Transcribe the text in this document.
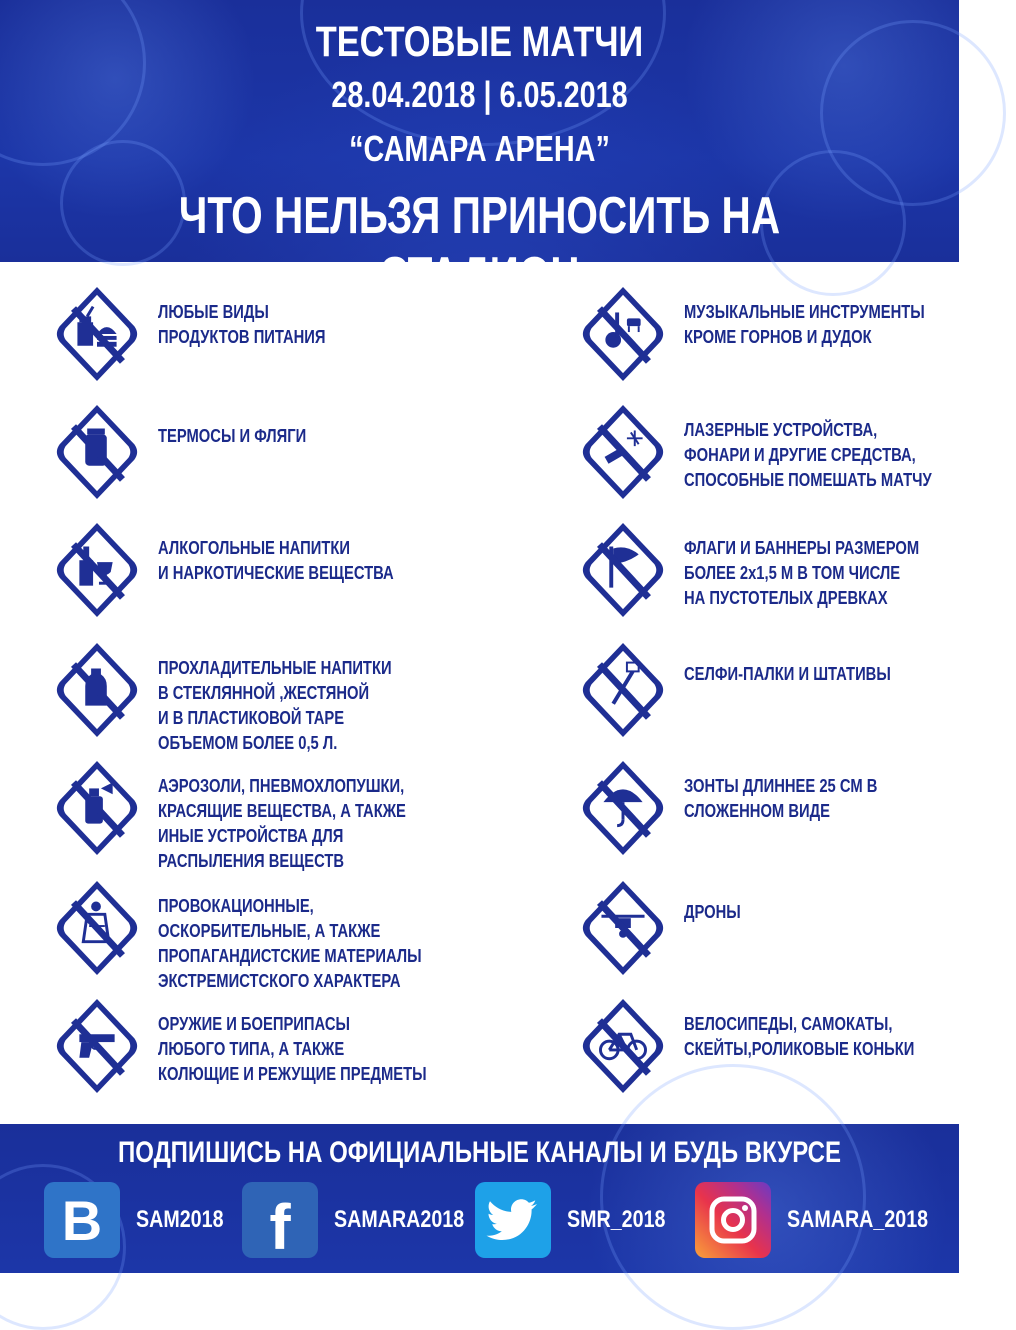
ТЕСТОВЫЕ МАТЧИ
28.04.2018 | 6.05.2018
“САМАРА АРЕНА”
ЧТО НЕЛЬЗЯ ПРИНОСИТЬ НА СТАДИОН
ЛЮБЫЕ ВИДЫ
ПРОДУКТОВ ПИТАНИЯ
ТЕРМОСЫ И ФЛЯГИ
АЛКОГОЛЬНЫЕ НАПИТКИ
И НАРКОТИЧЕСКИЕ ВЕЩЕСТВА
ПРОХЛАДИТЕЛЬНЫЕ НАПИТКИ
В СТЕКЛЯННОЙ ,ЖЕСТЯНОЙ
И В ПЛАСТИКОВОЙ ТАРЕ
ОБЪЕМОМ БОЛЕЕ 0,5 Л.
АЭРОЗОЛИ, ПНЕВМОХЛОПУШКИ,
КРАСЯЩИЕ ВЕЩЕСТВА, А ТАКЖЕ
ИНЫЕ УСТРОЙСТВА ДЛЯ
РАСПЫЛЕНИЯ ВЕЩЕСТВ
ПРОВОКАЦИОННЫЕ,
ОСКОРБИТЕЛЬНЫЕ, А ТАКЖЕ
ПРОПАГАНДИСТСКИЕ МАТЕРИАЛЫ
ЭКСТРЕМИСТСКОГО ХАРАКТЕРА
ОРУЖИЕ И БОЕПРИПАСЫ
ЛЮБОГО ТИПА, А ТАКЖЕ
КОЛЮЩИЕ И РЕЖУЩИЕ ПРЕДМЕТЫ
МУЗЫКАЛЬНЫЕ ИНСТРУМЕНТЫ
КРОМЕ ГОРНОВ И ДУДОК
ЛАЗЕРНЫЕ УСТРОЙСТВА,
ФОНАРИ И ДРУГИЕ СРЕДСТВА,
СПОСОБНЫЕ ПОМЕШАТЬ МАТЧУ
ФЛАГИ И БАННЕРЫ РАЗМЕРОМ
БОЛЕЕ 2х1,5 М В ТОМ ЧИСЛЕ
НА ПУСТОТЕЛЫХ ДРЕВКАХ
СЕЛФИ-ПАЛКИ И ШТАТИВЫ
ЗОНТЫ ДЛИННЕЕ 25 СМ В
СЛОЖЕННОМ ВИДЕ
ДРОНЫ
ВЕЛОСИПЕДЫ, САМОКАТЫ,
СКЕЙТЫ,РОЛИКОВЫЕ КОНЬКИ
ПОДПИШИСЬ НА ОФИЦИАЛЬНЫЕ КАНАЛЫ И БУДЬ ВКУРСЕ
B SAM2018 f SAMARA2018	SMR_2018	SAMARA_2018
